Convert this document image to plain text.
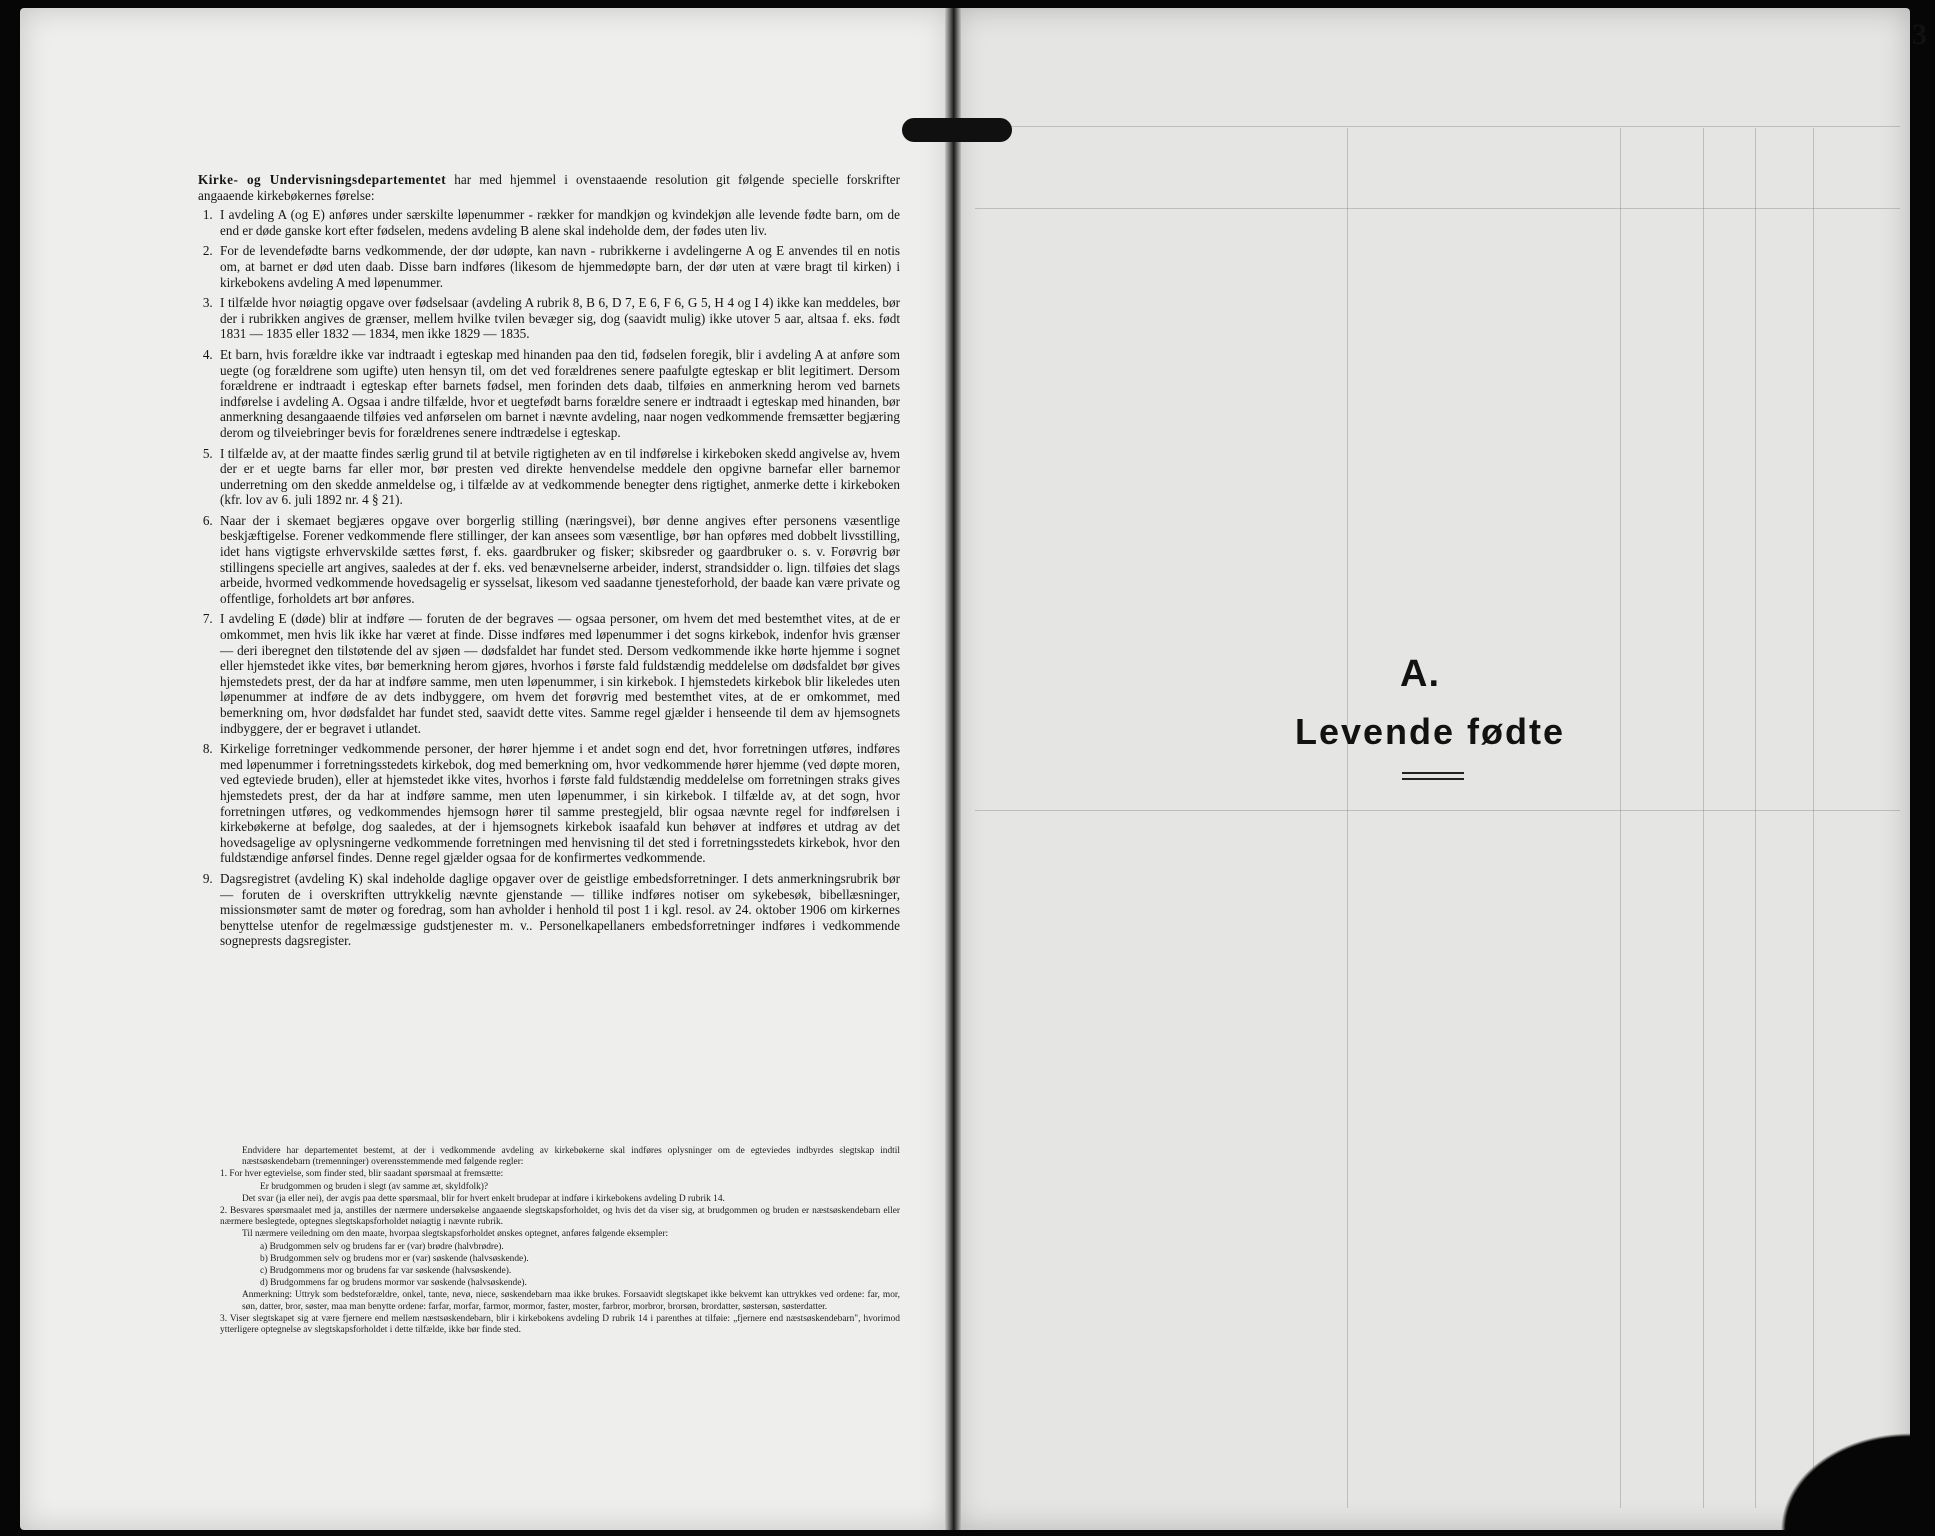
Kirke- og Undervisningsdepartementet har med hjemmel i ovenstaaende resolution git følgende specielle forskrifter angaaende kirkebøkernes førelse:

1. I avdeling A (og E) anføres under særskilte løpenummer - rækker for mandkjøn og kvindekjøn alle levende fødte barn, om de end er døde ganske kort efter fødselen, medens avdeling B alene skal indeholde dem, der fødes uten liv.
2. For de levendefødte barns vedkommende, der dør udøpte, kan navn - rubrikkerne i avdelingerne A og E anvendes til en notis om, at barnet er død uten daab. Disse barn indføres (likesom de hjemmedøpte barn, der dør uten at være bragt til kirken) i kirkebokens avdeling A med løpenummer.
3. I tilfælde hvor nøiagtig opgave over fødselsaar (avdeling A rubrik 8, B 6, D 7, E 6, F 6, G 5, H 4 og I 4) ikke kan meddeles, bør der i rubrikken angives de grænser, mellem hvilke tvilen bevæger sig, dog (saavidt mulig) ikke utover 5 aar, altsaa f. eks. født 1831 — 1835 eller 1832 — 1834, men ikke 1829 — 1835.
4. Et barn, hvis forældre ikke var indtraadt i egteskap med hinanden paa den tid, fødselen foregik, blir i avdeling A at anføre som uegte (og forældrene som ugifte) uten hensyn til, om det ved forældrenes senere paafulgte egteskap er blit legitimert. Dersom forældrene er indtraadt i egteskap efter barnets fødsel, men forinden dets daab, tilføies en anmerkning herom ved barnets indførelse i avdeling A. Ogsaa i andre tilfælde, hvor et uegtefødt barns forældre senere er indtraadt i egteskap med hinanden, bør anmerkning desangaaende tilføies ved anførselen om barnet i nævnte avdeling, naar nogen vedkommende fremsætter begjæring derom og tilveiebringer bevis for forældrenes senere indtrædelse i egteskap.
5. I tilfælde av, at der maatte findes særlig grund til at betvile rigtigheten av en til indførelse i kirkeboken skedd angivelse av, hvem der er et uegte barns far eller mor, bør presten ved direkte henvendelse meddele den opgivne barnefar eller barnemor underretning om den skedde anmeldelse og, i tilfælde av at vedkommende benegter dens rigtighet, anmerke dette i kirkeboken (kfr. lov av 6. juli 1892 nr. 4 § 21).
6. Naar der i skemaet begjæres opgave over borgerlig stilling (næringsvei), bør denne angives efter personens væsentlige beskjæftigelse. Forener vedkommende flere stillinger, der kan ansees som væsentlige, bør han opføres med dobbelt livsstilling, idet hans vigtigste erhvervskilde sættes først, f. eks. gaardbruker og fisker; skibsreder og gaardbruker o. s. v. Forøvrig bør stillingens specielle art angives, saaledes at der f. eks. ved benævnelserne arbeider, inderst, strandsidder o. lign. tilføies det slags arbeide, hvormed vedkommende hovedsagelig er sysselsat, likesom ved saadanne tjenesteforhold, der baade kan være private og offentlige, forholdets art bør anføres.
7. I avdeling E (døde) blir at indføre — foruten de der begraves — ogsaa personer, om hvem det med bestemthet vites, at de er omkommet, men hvis lik ikke har været at finde. Disse indføres med løpenummer i det sogns kirkebok, indenfor hvis grænser — deri iberegnet den tilstøtende del av sjøen — dødsfaldet har fundet sted. Dersom vedkommende ikke hørte hjemme i sognet eller hjemstedet ikke vites, bør bemerkning herom gjøres, hvorhos i første fald fuldstændig meddelelse om dødsfaldet bør gives hjemstedets prest, der da har at indføre samme, men uten løpenummer, i sin kirkebok. I hjemstedets kirkebok blir likeledes uten løpenummer at indføre de av dets indbyggere, om hvem det forøvrig med bestemthet vites, at de er omkommet, med bemerkning om, hvor dødsfaldet har fundet sted, saavidt dette vites. Samme regel gjælder i henseende til dem av hjemsognets indbyggere, der er begravet i utlandet.
8. Kirkelige forretninger vedkommende personer, der hører hjemme i et andet sogn end det, hvor forretningen utføres, indføres med løpenummer i forretningsstedets kirkebok, dog med bemerkning om, hvor vedkommende hører hjemme (ved døpte moren, ved egteviede bruden), eller at hjemstedet ikke vites, hvorhos i første fald fuldstændig meddelelse om forretningen straks gives hjemstedets prest, der da har at indføre samme, men uten løpenummer, i sin kirkebok. I tilfælde av, at det sogn, hvor forretningen utføres, og vedkommendes hjemsogn hører til samme prestegjeld, blir ogsaa nævnte regel for indførelsen i kirkebøkerne at befølge, dog saaledes, at der i hjemsognets kirkebok isaafald kun behøver at indføres et utdrag av det hovedsagelige av oplysningerne vedkommende forretningen med henvisning til det sted i forretningsstedets kirkebok, hvor den fuldstændige anførsel findes. Denne regel gjælder ogsaa for de konfirmertes vedkommende.
9. Dagsregistret (avdeling K) skal indeholde daglige opgaver over de geistlige embedsforretninger. I dets anmerkningsrubrik bør — foruten de i overskriften uttrykkelig nævnte gjenstande — tillike indføres notiser om sykebesøk, bibellæsninger, missionsmøter samt de møter og foredrag, som han avholder i henhold til post 1 i kgl. resol. av 24. oktober 1906 om kirkernes benyttelse utenfor de regelmæssige gudstjenester m. v.. Personelkapellaners embedsforretninger indføres i vedkommende sogneprests dagsregister.

Endvidere har departementet bestemt, at der i vedkommende avdeling av kirkebøkerne skal indføres oplysninger om de egteviedes indbyrdes slegtskap indtil næstsøskendebarn (tremenninger) overensstemmende med følgende regler:

1. For hver egtevielse, som finder sted, blir saadant spørsmaal at fremsætte:

Er brudgommen og bruden i slegt (av samme æt, skyldfolk)?

Det svar (ja eller nei), der avgis paa dette spørsmaal, blir for hvert enkelt brudepar at indføre i kirkebokens avdeling D rubrik 14.

2. Besvares spørsmaalet med ja, anstilles der nærmere undersøkelse angaaende slegtskapsforholdet, og hvis det da viser sig, at brudgommen og bruden er næstsøskendebarn eller nærmere beslegtede, optegnes slegtskapsforholdet nøiagtig i nævnte rubrik.

Til nærmere veiledning om den maate, hvorpaa slegtskapsforholdet ønskes optegnet, anføres følgende eksempler:

a) Brudgommen selv og brudens far er (var) brødre (halvbrødre).

b) Brudgommen selv og brudens mor er (var) søskende (halvsøskende).

c) Brudgommens mor og brudens far var søskende (halvsøskende).

d) Brudgommens far og brudens mormor var søskende (halvsøskende).

Anmerkning: Uttryk som bedsteforældre, onkel, tante, nevø, niece, søskendebarn maa ikke brukes. Forsaavidt slegtskapet ikke bekvemt kan uttrykkes ved ordene: far, mor, søn, datter, bror, søster, maa man benytte ordene: farfar, morfar, farmor, mormor, faster, moster, farbror, morbror, brorsøn, brordatter, søstersøn, søsterdatter.

3. Viser slegtskapet sig at være fjernere end mellem næstsøskendebarn, blir i kirkebokens avdeling D rubrik 14 i parenthes at tilføie: „fjernere end næstsøskendebarn", hvorimod ytterligere optegnelse av slegtskapsforholdet i dette tilfælde, ikke bør finde sted.

A.
Levende fødte
3
